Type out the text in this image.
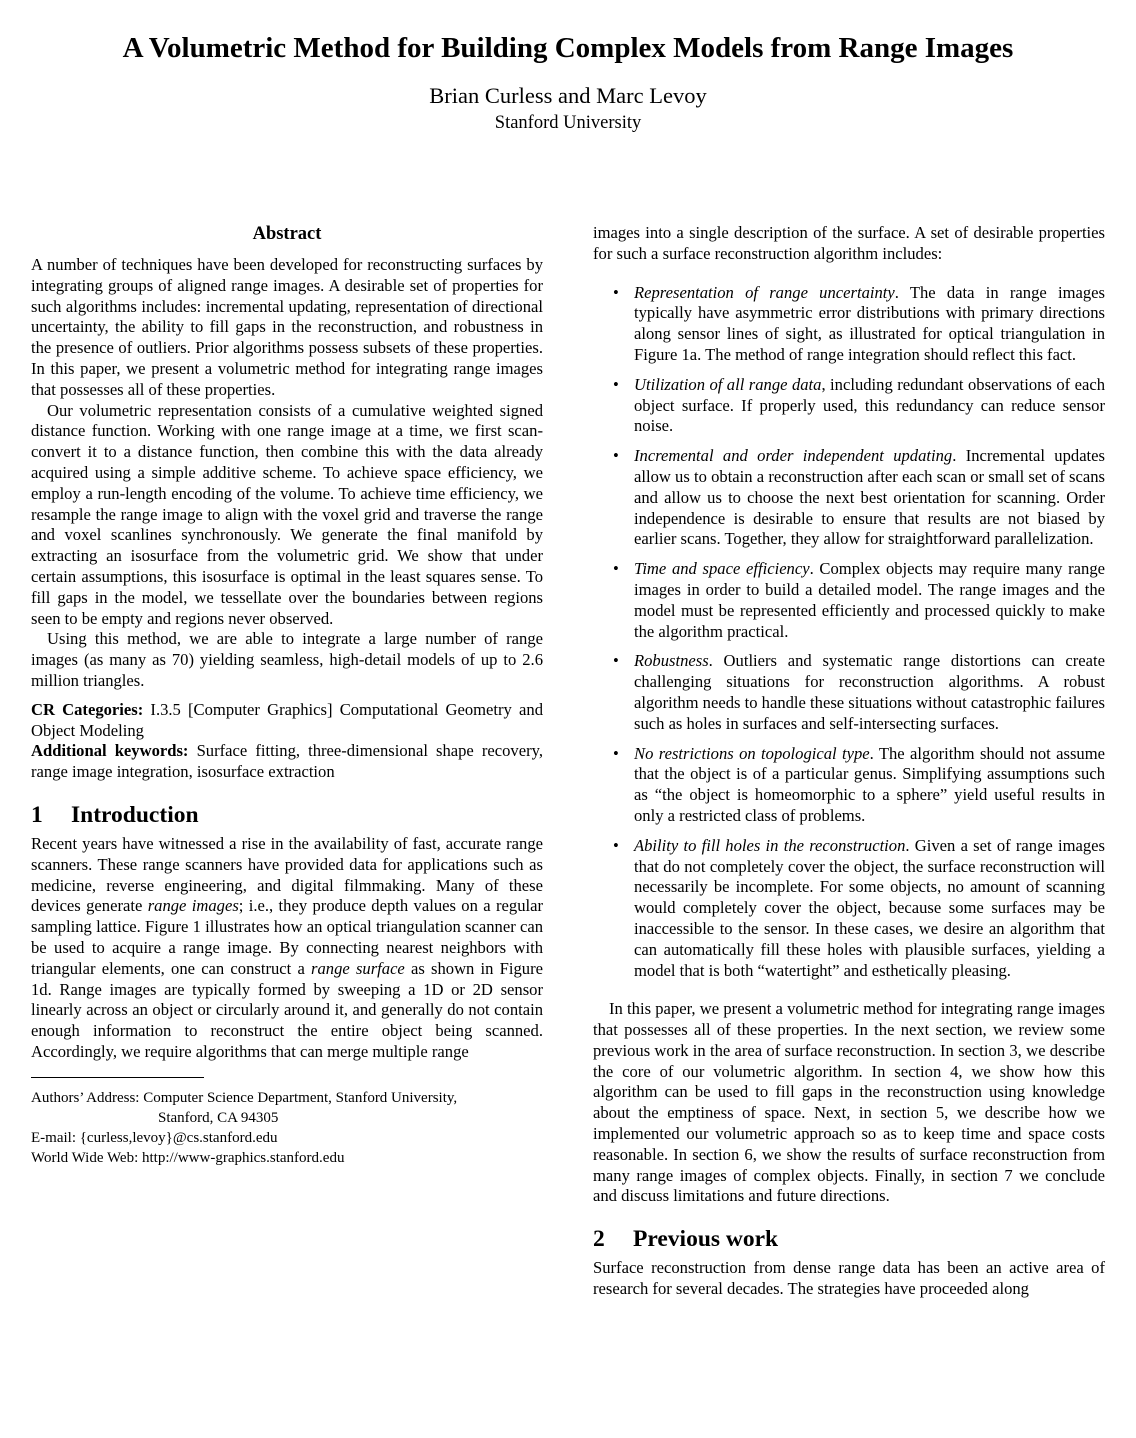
A Volumetric Method for Building Complex Models from Range Images
Brian Curless and Marc Levoy
Stanford University
Abstract

A number of techniques have been developed for reconstructing surfaces by integrating groups of aligned range images. A desirable set of properties for such algorithms includes: incremental updating, representation of directional uncertainty, the ability to fill gaps in the reconstruction, and robustness in the presence of outliers. Prior algorithms possess subsets of these properties. In this paper, we present a volumetric method for integrating range images that possesses all of these properties.

Our volumetric representation consists of a cumulative weighted signed distance function. Working with one range image at a time, we first scan-convert it to a distance function, then combine this with the data already acquired using a simple additive scheme. To achieve space efficiency, we employ a run-length encoding of the volume. To achieve time efficiency, we resample the range image to align with the voxel grid and traverse the range and voxel scanlines synchronously. We generate the final manifold by extracting an isosurface from the volumetric grid. We show that under certain assumptions, this isosurface is optimal in the least squares sense. To fill gaps in the model, we tessellate over the boundaries between regions seen to be empty and regions never observed.

Using this method, we are able to integrate a large number of range images (as many as 70) yielding seamless, high-detail models of up to 2.6 million triangles.

CR Categories: I.3.5 [Computer Graphics] Computational Geometry and Object Modeling

Additional keywords: Surface fitting, three-dimensional shape recovery, range image integration, isosurface extraction

1 Introduction

Recent years have witnessed a rise in the availability of fast, accurate range scanners. These range scanners have provided data for applications such as medicine, reverse engineering, and digital filmmaking. Many of these devices generate range images; i.e., they produce depth values on a regular sampling lattice. Figure 1 illustrates how an optical triangulation scanner can be used to acquire a range image. By connecting nearest neighbors with triangular elements, one can construct a range surface as shown in Figure 1d. Range images are typically formed by sweeping a 1D or 2D sensor linearly across an object or circularly around it, and generally do not contain enough information to reconstruct the entire object being scanned. Accordingly, we require algorithms that can merge multiple range

Authors’ Address: Computer Science Department, Stanford University,
Stanford, CA 94305
E-mail: {curless,levoy}@cs.stanford.edu
World Wide Web: http://www-graphics.stanford.edu

images into a single description of the surface. A set of desirable properties for such a surface reconstruction algorithm includes:

• Representation of range uncertainty. The data in range images typically have asymmetric error distributions with primary directions along sensor lines of sight, as illustrated for optical triangulation in Figure 1a. The method of range integration should reflect this fact.

• Utilization of all range data, including redundant observations of each object surface. If properly used, this redundancy can reduce sensor noise.

• Incremental and order independent updating. Incremental updates allow us to obtain a reconstruction after each scan or small set of scans and allow us to choose the next best orientation for scanning. Order independence is desirable to ensure that results are not biased by earlier scans. Together, they allow for straightforward parallelization.

• Time and space efficiency. Complex objects may require many range images in order to build a detailed model. The range images and the model must be represented efficiently and processed quickly to make the algorithm practical.

• Robustness. Outliers and systematic range distortions can create challenging situations for reconstruction algorithms. A robust algorithm needs to handle these situations without catastrophic failures such as holes in surfaces and self-intersecting surfaces.

• No restrictions on topological type. The algorithm should not assume that the object is of a particular genus. Simplifying assumptions such as “the object is homeomorphic to a sphere” yield useful results in only a restricted class of problems.

• Ability to fill holes in the reconstruction. Given a set of range images that do not completely cover the object, the surface reconstruction will necessarily be incomplete. For some objects, no amount of scanning would completely cover the object, because some surfaces may be inaccessible to the sensor. In these cases, we desire an algorithm that can automatically fill these holes with plausible surfaces, yielding a model that is both “watertight” and esthetically pleasing.

In this paper, we present a volumetric method for integrating range images that possesses all of these properties. In the next section, we review some previous work in the area of surface reconstruction. In section 3, we describe the core of our volumetric algorithm. In section 4, we show how this algorithm can be used to fill gaps in the reconstruction using knowledge about the emptiness of space. Next, in section 5, we describe how we implemented our volumetric approach so as to keep time and space costs reasonable. In section 6, we show the results of surface reconstruction from many range images of complex objects. Finally, in section 7 we conclude and discuss limitations and future directions.

2 Previous work

Surface reconstruction from dense range data has been an active area of research for several decades. The strategies have proceeded along
